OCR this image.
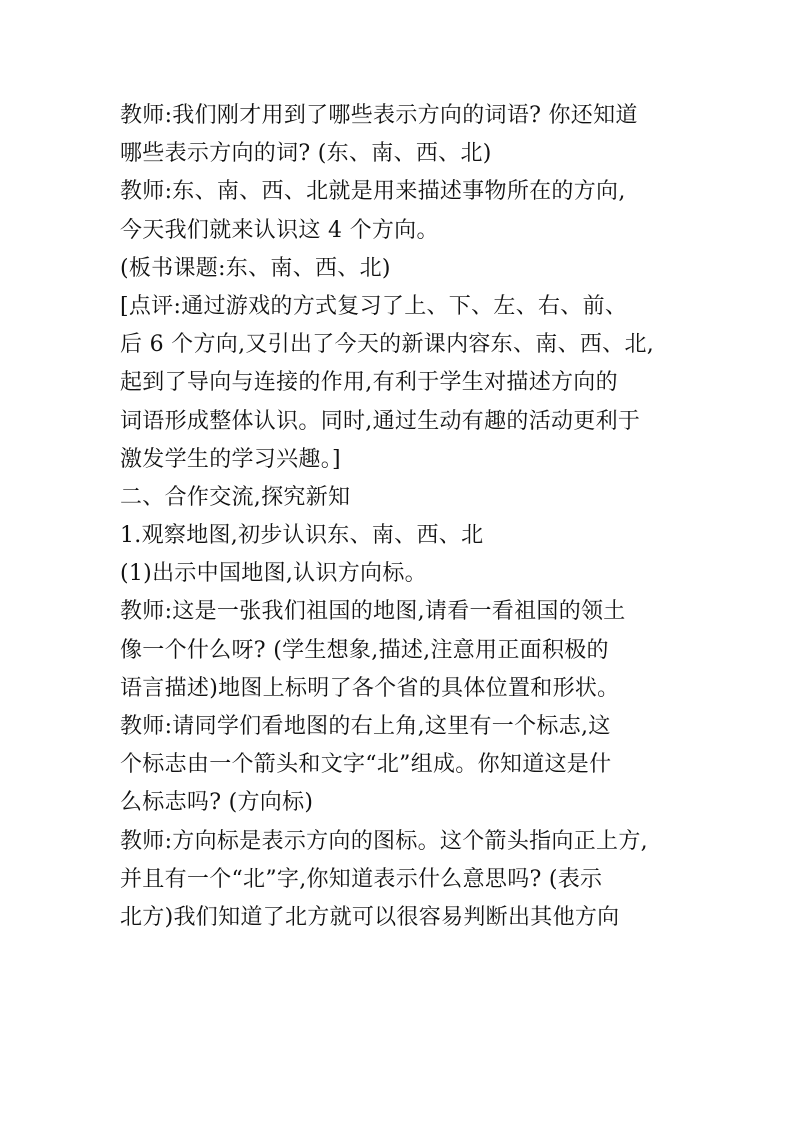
教师:我们刚才用到了哪些表示方向的词语? 你还知道
哪些表示方向的词? (东、南、西、北)
教师:东、南、西、北就是用来描述事物所在的方向,
今天我们就来认识这 4 个方向。
(板书课题:东、南、西、北)
[点评:通过游戏的方式复习了上、下、左、右、前、
后 6 个方向,又引出了今天的新课内容东、南、西、北,
起到了导向与连接的作用,有利于学生对描述方向的
词语形成整体认识。同时,通过生动有趣的活动更利于
激发学生的学习兴趣。]
二、合作交流,探究新知
1.观察地图,初步认识东、南、西、北
(1)出示中国地图,认识方向标。
教师:这是一张我们祖国的地图,请看一看祖国的领土
像一个什么呀? (学生想象,描述,注意用正面积极的
语言描述)地图上标明了各个省的具体位置和形状。
教师:请同学们看地图的右上角,这里有一个标志,这
个标志由一个箭头和文字“北”组成。你知道这是什
么标志吗? (方向标)
教师:方向标是表示方向的图标。这个箭头指向正上方,
并且有一个“北”字,你知道表示什么意思吗? (表示
北方)我们知道了北方就可以很容易判断出其他方向
